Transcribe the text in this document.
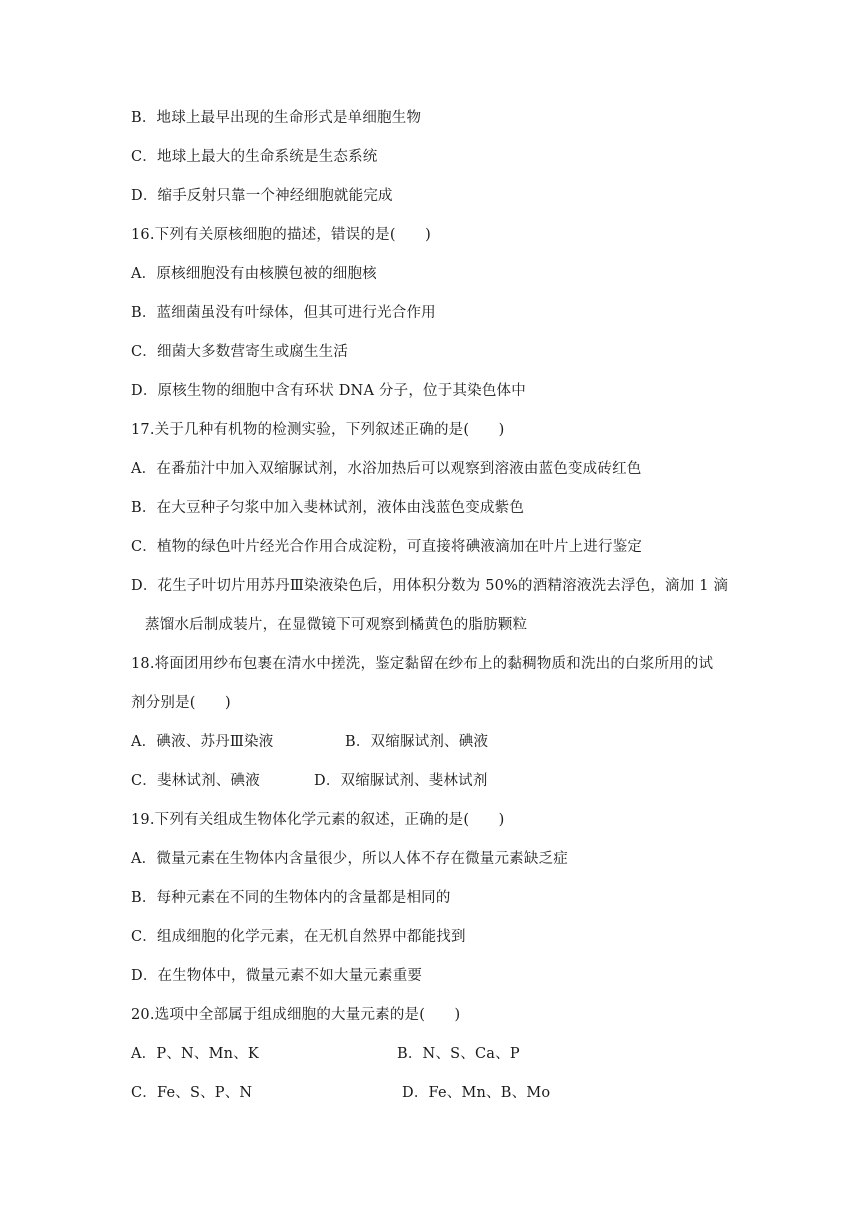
B．地球上最早出现的生命形式是单细胞生物
C．地球上最大的生命系统是生态系统
D．缩手反射只靠一个神经细胞就能完成
16.下列有关原核细胞的描述，错误的是(　　)
A．原核细胞没有由核膜包被的细胞核
B．蓝细菌虽没有叶绿体，但其可进行光合作用
C．细菌大多数营寄生或腐生生活
D．原核生物的细胞中含有环状 DNA 分子，位于其染色体中
17.关于几种有机物的检测实验，下列叙述正确的是(　　)
A．在番茄汁中加入双缩脲试剂，水浴加热后可以观察到溶液由蓝色变成砖红色
B．在大豆种子匀浆中加入斐林试剂，液体由浅蓝色变成紫色
C．植物的绿色叶片经光合作用合成淀粉，可直接将碘液滴加在叶片上进行鉴定
D．花生子叶切片用苏丹Ⅲ染液染色后，用体积分数为 50%的酒精溶液洗去浮色，滴加 1 滴
蒸馏水后制成装片，在显微镜下可观察到橘黄色的脂肪颗粒
18.将面团用纱布包裹在清水中搓洗，鉴定黏留在纱布上的黏稠物质和洗出的白浆所用的试
剂分别是(　　)
A．碘液、苏丹Ⅲ染液	B．双缩脲试剂、碘液
C．斐林试剂、碘液	D．双缩脲试剂、斐林试剂
19.下列有关组成生物体化学元素的叙述，正确的是(　　)
A．微量元素在生物体内含量很少，所以人体不存在微量元素缺乏症
B．每种元素在不同的生物体内的含量都是相同的
C．组成细胞的化学元素，在无机自然界中都能找到
D．在生物体中，微量元素不如大量元素重要
20.选项中全部属于组成细胞的大量元素的是(　　)
A．P、N、Mn、K	B．N、S、Ca、P
C．Fe、S、P、N	D．Fe、Mn、B、Mo
